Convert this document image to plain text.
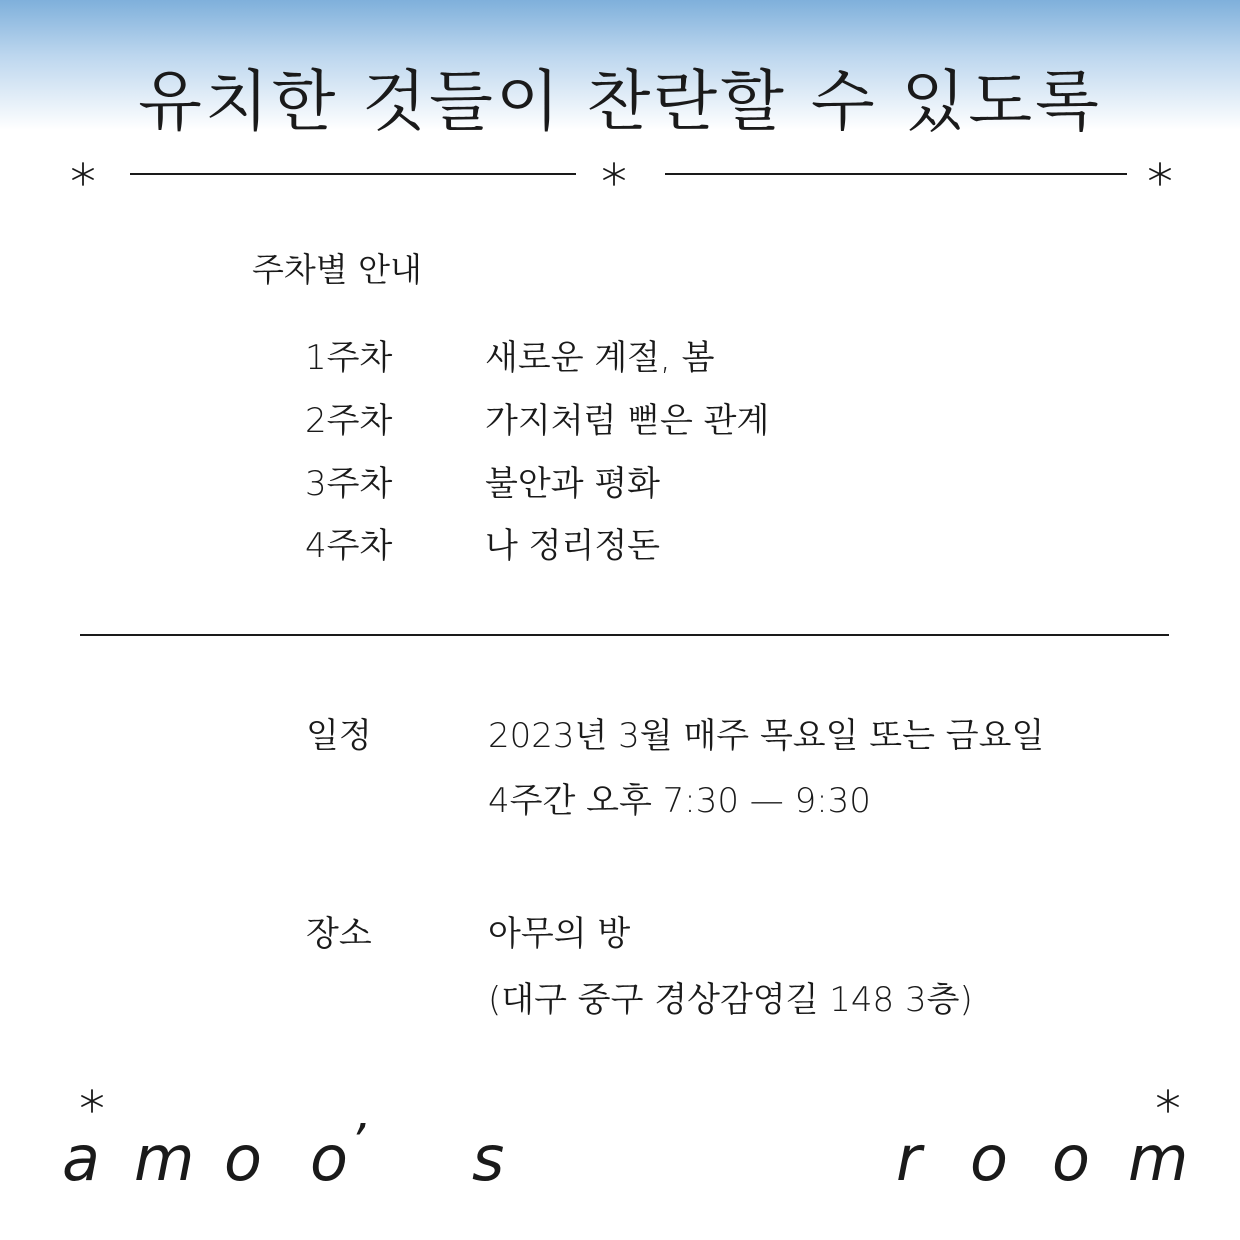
유치한 것들이 찬란할 수 있도록
주차별 안내
1주차	새로운 계절, 봄
2주차	가지처럼 뻗은 관계
3주차	불안과 평화
4주차	나 정리정돈
일정	2023년 3월 매주 목요일 또는 금요일
4주간 오후 7:30 — 9:30
장소	아무의 방
(대구 중구 경상감영길 148 3층)
a m o o ’ s	r o o m
